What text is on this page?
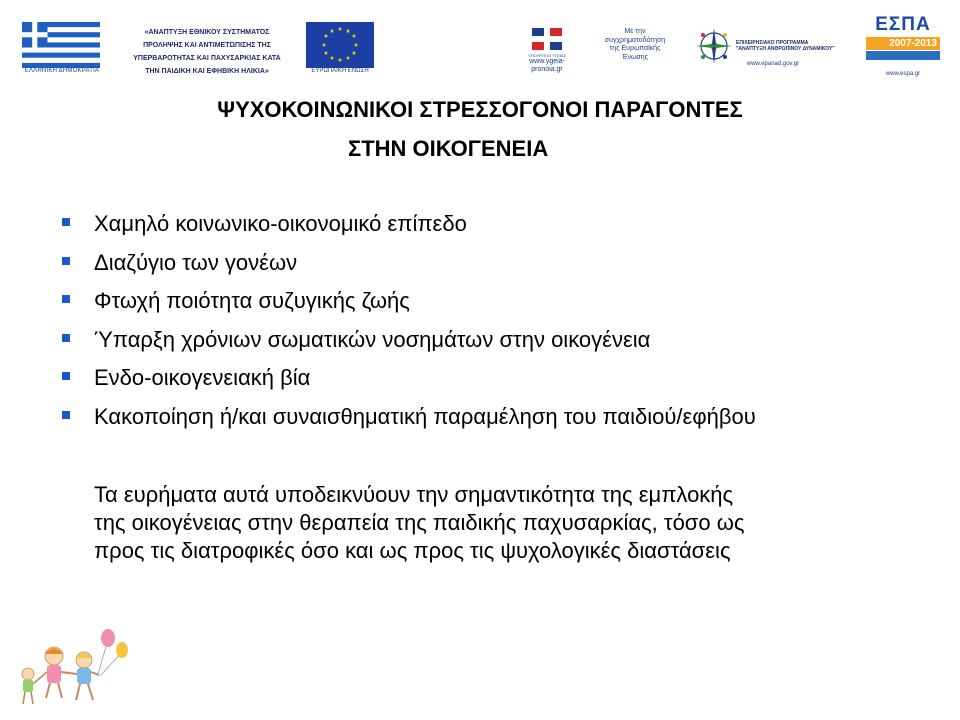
ΕΛΛΗΝΙΚΗ ΔΗΜΟΚΡΑΤΙΑ
«ΑΝΑΠΤΥΞΗ ΕΘΝΙΚΟΥ ΣΥΣΤΗΜΑΤΟΣ
ΠΡΟΛΗΨΗΣ ΚΑΙ ΑΝΤΙΜΕΤΩΠΙΣΗΣ ΤΗΣ
ΥΠΕΡΒΑΡΟΤΗΤΑΣ ΚΑΙ ΠΑΧΥΣΑΡΚΙΑΣ ΚΑΤΑ
ΤΗΝ ΠΑΙΔΙΚΗ ΚΑΙ ΕΦΗΒΙΚΗ ΗΛΙΚΙΑ»
★ ★
★
★
★
★
★
★
★
★
★
★
ΕΥΡΩΠΑΪΚΗ ΕΝΩΣΗ
ΥΠΟΥΡΓΕΙΟ ΥΓΕΙΑΣ
www.ygeia-
pronoia.gr
Με την
συγχρηματοδότηση
της Ευρωπαϊκής
Ένωσης
ΕΠΙΧΕΙΡΗΣΙΑΚΟ ΠΡΟΓΡΑΜΜΑ
"ΑΝΑΠΤΥΞΗ ΑΝΘΡΩΠΙΝΟΥ ΔΥΝΑΜΙΚΟΥ"
www.epanad.gov.gr
ΕΣΠΑ
2007-2013
www.espa.gr
ΨΥΧΟΚΟΙΝΩΝΙΚΟΙ ΣΤΡΕΣΣΟΓΟΝΟΙ ΠΑΡΑΓΟΝΤΕΣ
ΣΤΗΝ ΟΙΚΟΓΕΝΕΙΑ
Χαμηλό κοινωνικο-οικονομικό επίπεδο
Διαζύγιο των γονέων
Φτωχή ποιότητα συζυγικής ζωής
Ύπαρξη χρόνιων σωματικών νοσημάτων στην οικογένεια
Ενδο-οικογενειακή βία
Κακοποίηση ή/και συναισθηματική παραμέληση του παιδιού/εφήβου
Τα ευρήματα αυτά υποδεικνύουν την σημαντικότητα της εμπλοκής
της οικογένειας στην θεραπεία της παιδικής παχυσαρκίας, τόσο ως
προς τις διατροφικές όσο και ως προς τις ψυχολογικές διαστάσεις
